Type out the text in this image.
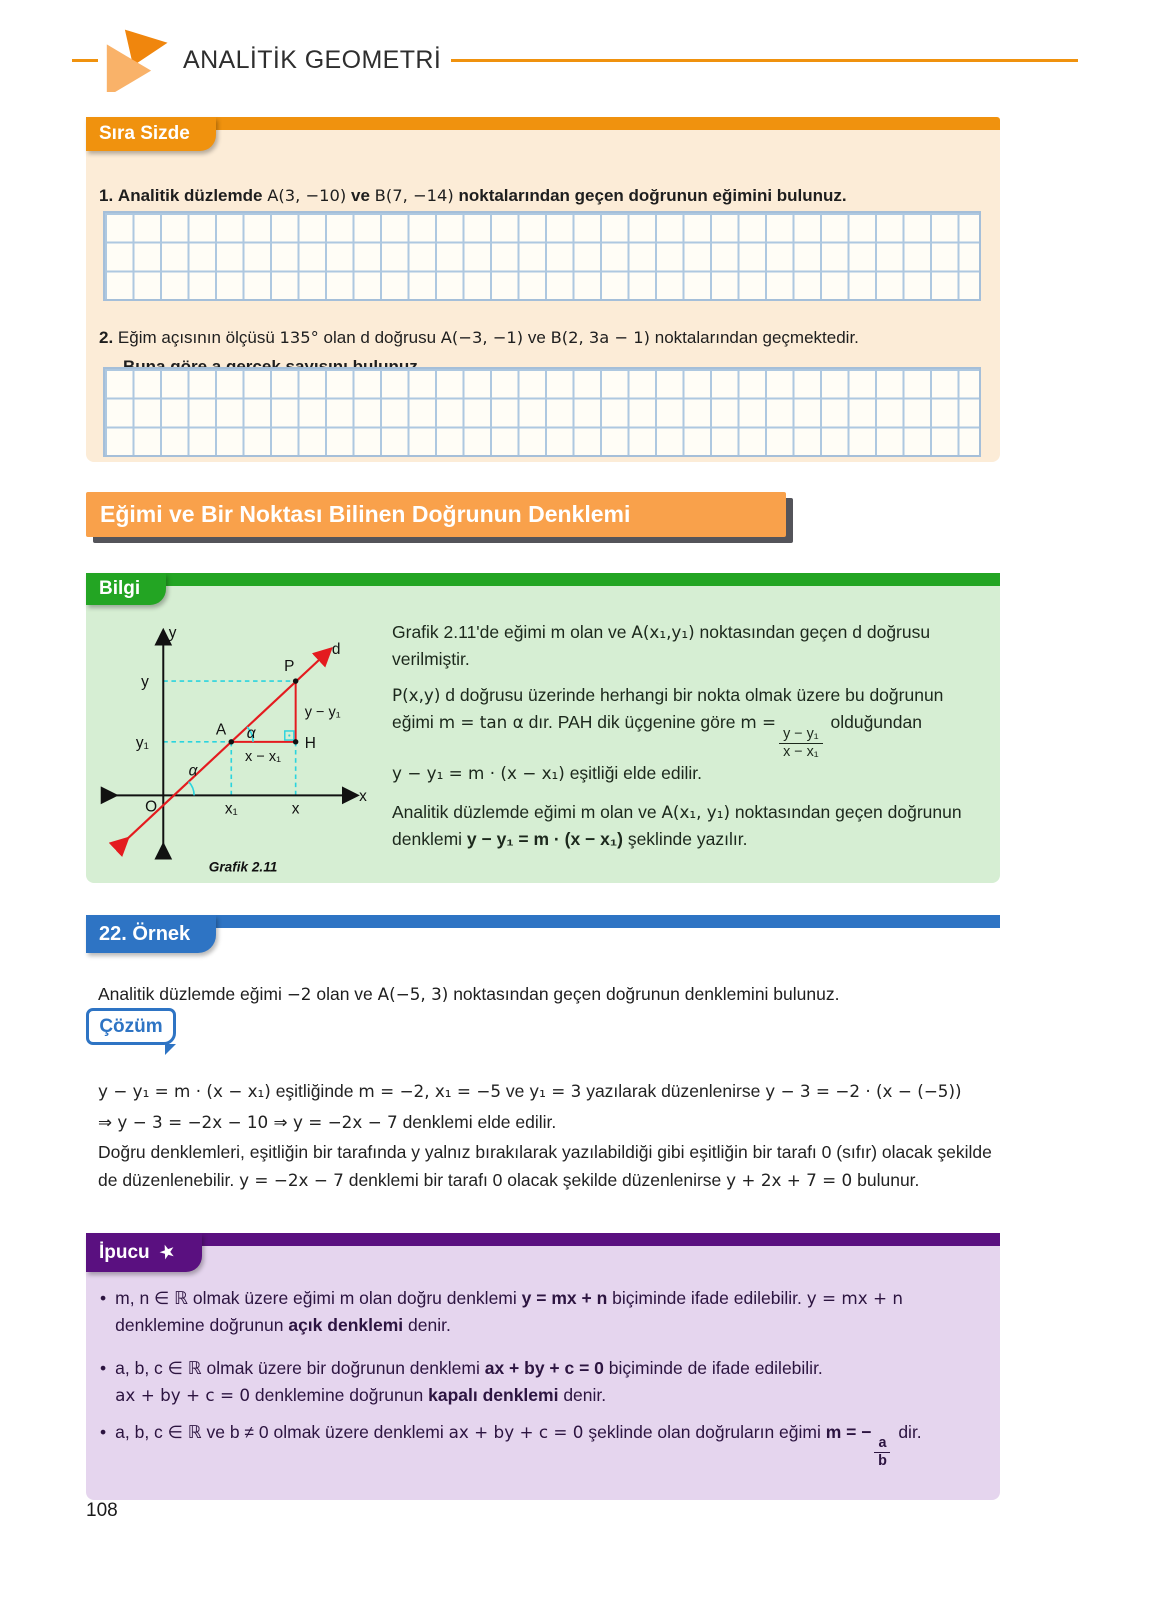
ANALİTİK GEOMETRİ
Sıra Sizde

1. Analitik düzlemde A(3, −10) ve B(7, −14) noktalarından geçen doğrunun eğimini bulunuz.

2. Eğim açısının ölçüsü 135° olan d doğrusu A(−3, −1) ve B(2, 3a − 1) noktalarından geçmektedir.

Eğimi ve Bir Noktası Bilinen Doğrunun Denklemi
Bilgi
y
x
O
d
y
y₁
x₁	x
A
P
H
α
α
y − y₁
x − x₁
Grafik 2.11

Grafik 2.11'de eğimi m olan ve A(x₁,y₁) noktasından geçen d doğrusu verilmiştir.

P(x,y) d doğrusu üzerinde herhangi bir nokta olmak üzere bu doğrunun eğimi m = tan α dır. PAH dik üçgenine göre m =
$\frac{\text{y − y₁}}{\text{x − x₁}}$
olduğundan
y − y₁ = m · (x − x₁) eşitliği elde edilir.

Analitik düzlemde eğimi m olan ve A(x₁, y₁) noktasından geçen doğrunun denklemi y − y₁ = m · (x − x₁) şeklinde yazılır.

22. Örnek

Analitik düzlemde eğimi −2 olan ve A(−5, 3) noktasından geçen doğrunun denklemini bulunuz.

Çözüm

y − y₁ = m · (x − x₁) eşitliğinde m = −2, x₁ = −5 ve y₁ = 3 yazılarak düzenlenirse y − 3 = −2 · (x − (−5))
⇒ y − 3 = −2x − 10 ⇒ y = −2x − 7 denklemi elde edilir.

Doğru denklemleri, eşitliğin bir tarafında y yalnız bırakılarak yazılabildiği gibi eşitliğin bir tarafı 0 (sıfır) olacak şekilde de düzenlenebilir. y = −2x − 7 denklemi bir tarafı 0 olacak şekilde düzenlenirse y + 2x + 7 = 0 bulunur.

İpucu ★
• m, n ∈ ℝ olmak üzere eğimi m olan doğru denklemi y = mx + n biçiminde ifade edilebilir. y = mx + n
denklemine doğrunun açık denklemi denir.
• a, b, c ∈ ℝ olmak üzere bir doğrunun denklemi ax + by + c = 0 biçiminde de ifade edilebilir.
ax + by + c = 0 denklemine doğrunun kapalı denklemi denir.
• a, b, c ∈ ℝ ve b ≠ 0 olmak üzere denklemi ax + by + c = 0 şeklinde olan doğruların eğimi m = −
$\frac{a}{b}$
dir.
108
